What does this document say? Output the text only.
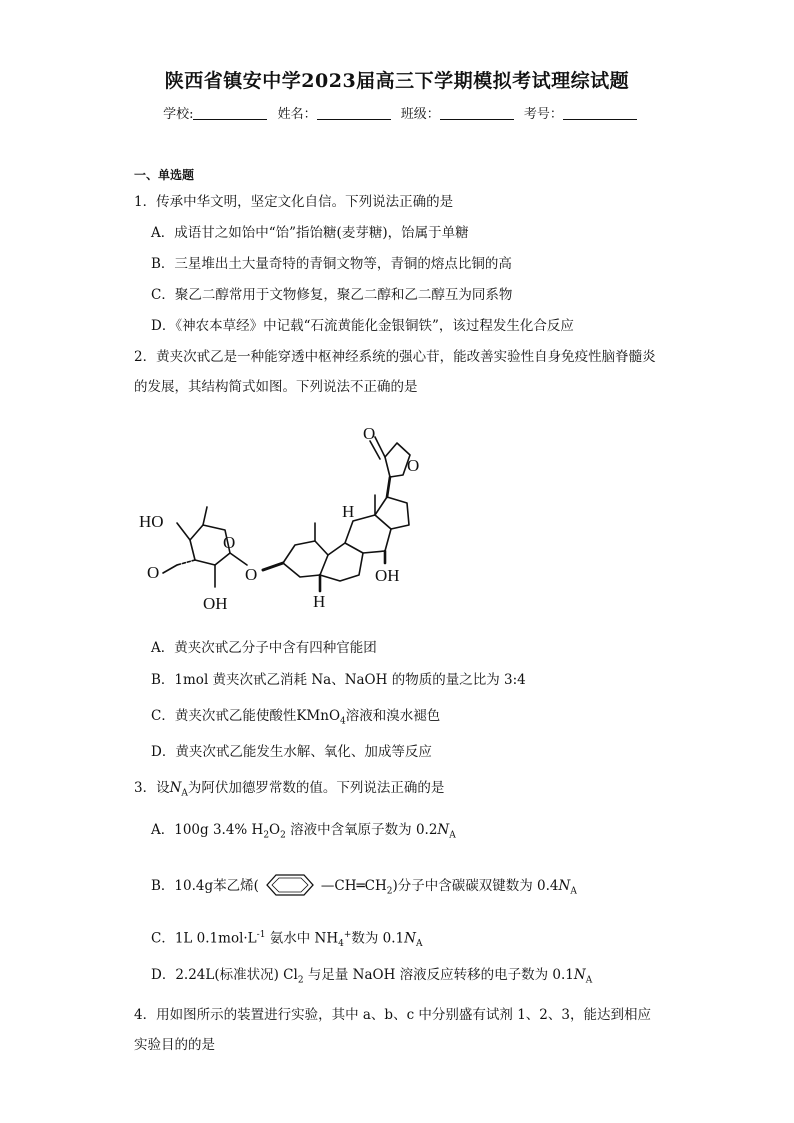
陕西省镇安中学2023届高三下学期模拟考试理综试题
学校:	姓名：	班级：	考号：
一、单选题
1．传承中华文明，坚定文化自信。下列说法正确的是
A．成语甘之如饴中“饴”指饴糖(麦芽糖)，饴属于单糖
B．三星堆出土大量奇特的青铜文物等，青铜的熔点比铜的高
C．聚乙二醇常用于文物修复，聚乙二醇和乙二醇互为同系物
D．《神农本草经》中记载“石流黄能化金银铜铁”，该过程发生化合反应
2．黄夹次甙乙是一种能穿透中枢神经系统的强心苷，能改善实验性自身免疫性脑脊髓炎的发展，其结构简式如图。下列说法不正确的是
HO
O
O
O
OH
H
H
OH
O
O
A．黄夹次甙乙分子中含有四种官能团
B．1mol 黄夹次甙乙消耗 Na、NaOH 的物质的量之比为 3:4
C．黄夹次甙乙能使酸性KMnO$_4$溶液和溴水褪色
D．黄夹次甙乙能发生水解、氧化、加成等反应
3．设$N_A$为阿伏加德罗常数的值。下列说法正确的是
A．100g 3.4% $H_2O_2$ 溶液中含氧原子数为 $0.2N_A$
B．10.4g苯乙烯(	$—CH═CH_2$)分子中含碳碳双键数为 $0.4N_A$
C．1L $0.1mol\cdot L^{-1}$ 氨水中 $NH_4^+$数为 $0.1N_A$
D．2.24L(标准状况) $Cl_2$ 与足量 NaOH 溶液反应转移的电子数为 $0.1N_A$
4．用如图所示的装置进行实验，其中 a、b、c 中分别盛有试剂 1、2、3，能达到相应实验目的的是
